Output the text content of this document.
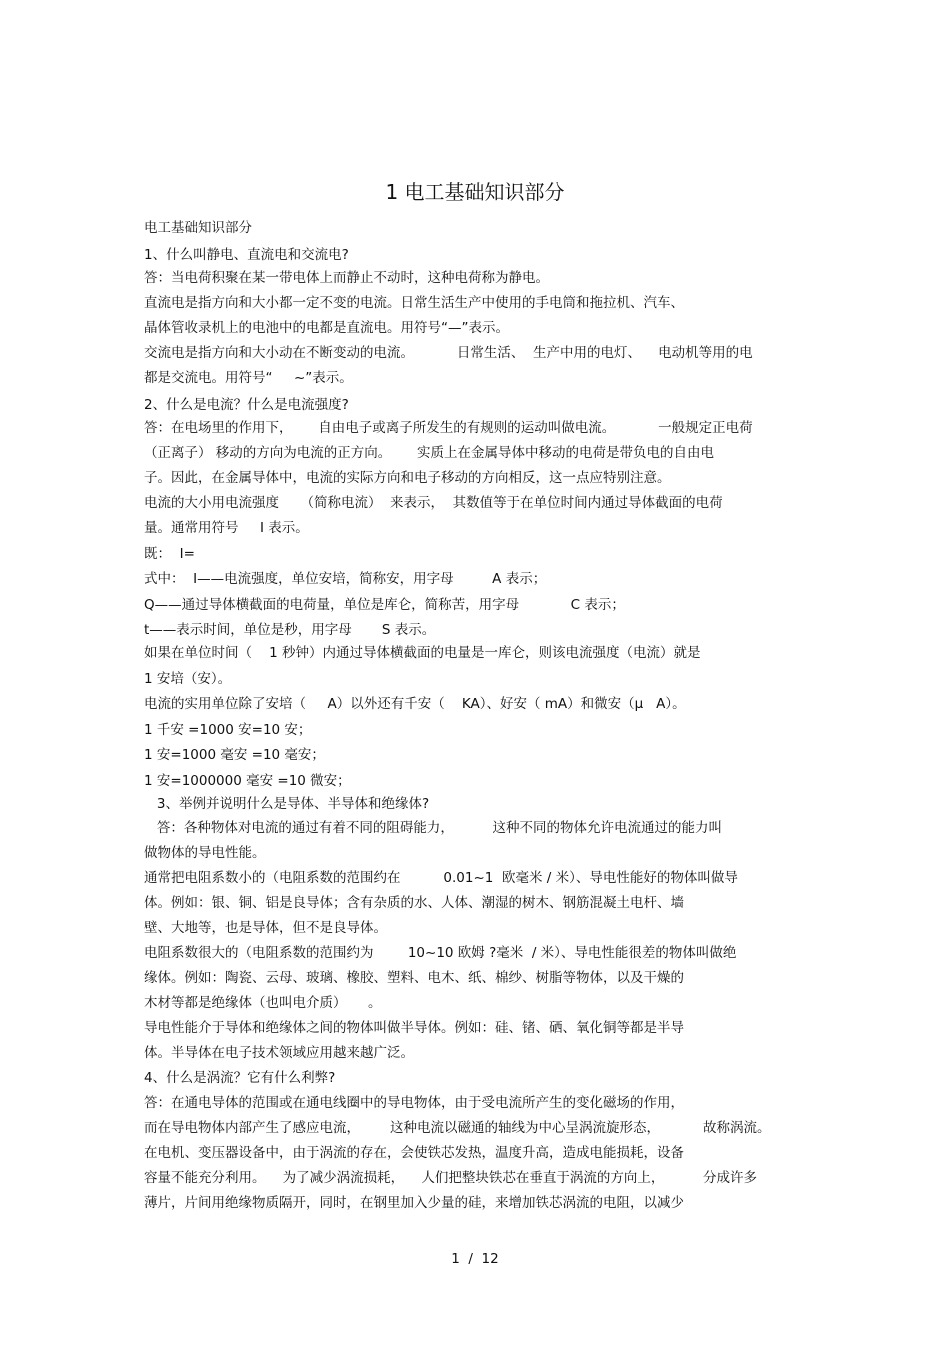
1 电工基础知识部分
电工基础知识部分
1、什么叫静电、直流电和交流电?
答：当电荷积聚在某一带电体上而静止不动时，这种电荷称为静电。
直流电是指方向和大小都一定不变的电流。日常生活生产中使用的手电筒和拖拉机、汽车、
晶体管收录机上的电池中的电都是直流电。用符号“—”表示。
交流电是指方向和大小动在不断变动的电流。          日常生活、  生产中用的电灯、    电动机等用的电
都是交流电。用符号“     ~”表示。
2、什么是电流？什么是电流强度?
答：在电场里的作用下，      自由电子或离子所发生的有规则的运动叫做电流。          一般规定正电荷
（正离子） 移动的方向为电流的正方向。      实质上在金属导体中移动的电荷是带负电的自由电
子。因此，在金属导体中，电流的实际方向和电子移动的方向相反，这一点应特别注意。
电流的大小用电流强度     （简称电流）  来表示，  其数值等于在单位时间内通过导体截面的电荷
量。通常用符号     I 表示。
既：  I=
式中：  I——电流强度，单位安培，简称安，用字母         A 表示；
Q——通过导体横截面的电荷量，单位是库仑，简称苦，用字母            C 表示；
t——表示时间，单位是秒，用字母       S 表示。
如果在单位时间（    1 秒钟）内通过导体横截面的电量是一库仑，则该电流强度（电流）就是
1 安培（安）。
电流的实用单位除了安培（     A）以外还有千安（    KA）、好安（ mA）和微安（μ   A）。
1 千安 =1000 安=10 安；
1 安=1000 毫安 =10 毫安；
1 安=1000000 毫安 =10 微安；
3、举例并说明什么是导体、半导体和绝缘体?
答：各种物体对电流的通过有着不同的阻碍能力，         这种不同的物体允许电流通过的能力叫
做物体的导电性能。
通常把电阻系数小的（电阻系数的范围约在          0.01~1  欧毫米 / 米）、导电性能好的物体叫做导
体。例如：银、铜、铝是良导体；含有杂质的水、人体、潮湿的树木、钢筋混凝土电杆、墙
壁、大地等，也是导体，但不是良导体。
电阻系数很大的（电阻系数的范围约为        10~10 欧姆 ?毫米  / 米）、导电性能很差的物体叫做绝
缘体。例如：陶瓷、云母、玻璃、橡胶、塑料、电木、纸、棉纱、树脂等物体，以及干燥的
木材等都是绝缘体（也叫电介质）     。
导电性能介于导体和绝缘体之间的物体叫做半导体。例如：硅、锗、硒、氧化铜等都是半导
体。半导体在电子技术领域应用越来越广泛。
4、什么是涡流？它有什么利弊?
答：在通电导体的范围或在通电线圈中的导电物体，由于受电流所产生的变化磁场的作用，
而在导电物体内部产生了感应电流，       这种电流以磁通的轴线为中心呈涡流旋形态，          故称涡流。
在电机、变压器设备中，由于涡流的存在，会使铁芯发热，温度升高，造成电能损耗，设备
容量不能充分利用。    为了减少涡流损耗，    人们把整块铁芯在垂直于涡流的方向上，         分成许多
薄片，片间用绝缘物质隔开，同时，在钢里加入少量的硅，来增加铁芯涡流的电阻，以减少
1  /  12
